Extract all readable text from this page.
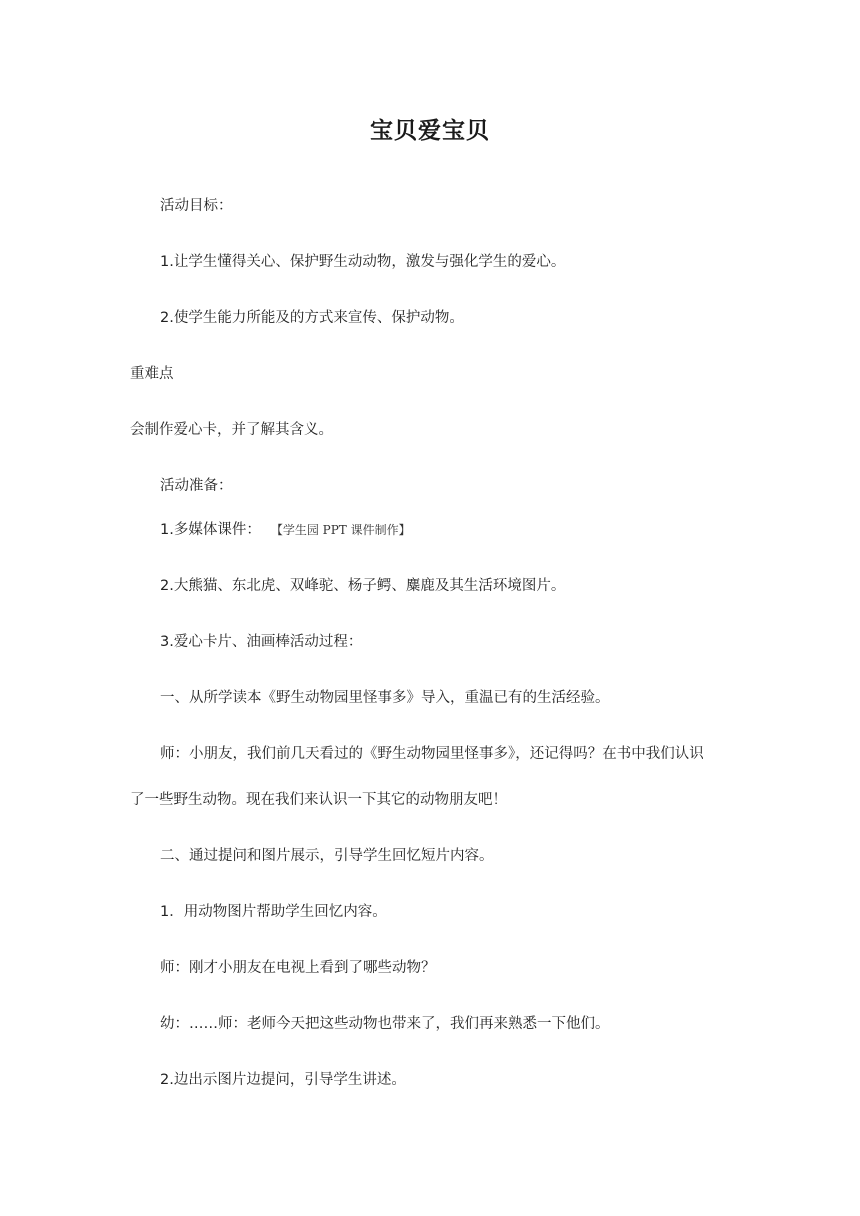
宝贝爱宝贝
活动目标：
1.让学生懂得关心、保护野生动动物，激发与强化学生的爱心。
2.使学生能力所能及的方式来宣传、保护动物。
重难点
会制作爱心卡，并了解其含义。
活动准备：
1.多媒体课件： 【学生园 PPT 课件制作】
2.大熊猫、东北虎、双峰驼、杨子鳄、麋鹿及其生活环境图片。
3.爱心卡片、油画棒活动过程：
一、从所学读本《野生动物园里怪事多》导入，重温已有的生活经验。
师：小朋友，我们前几天看过的《野生动物园里怪事多》，还记得吗？在书中我们认识
了一些野生动物。现在我们来认识一下其它的动物朋友吧！
二、通过提问和图片展示，引导学生回忆短片内容。
1．用动物图片帮助学生回忆内容。
师：刚才小朋友在电视上看到了哪些动物？
幼：……师：老师今天把这些动物也带来了，我们再来熟悉一下他们。
2.边出示图片边提问，引导学生讲述。
